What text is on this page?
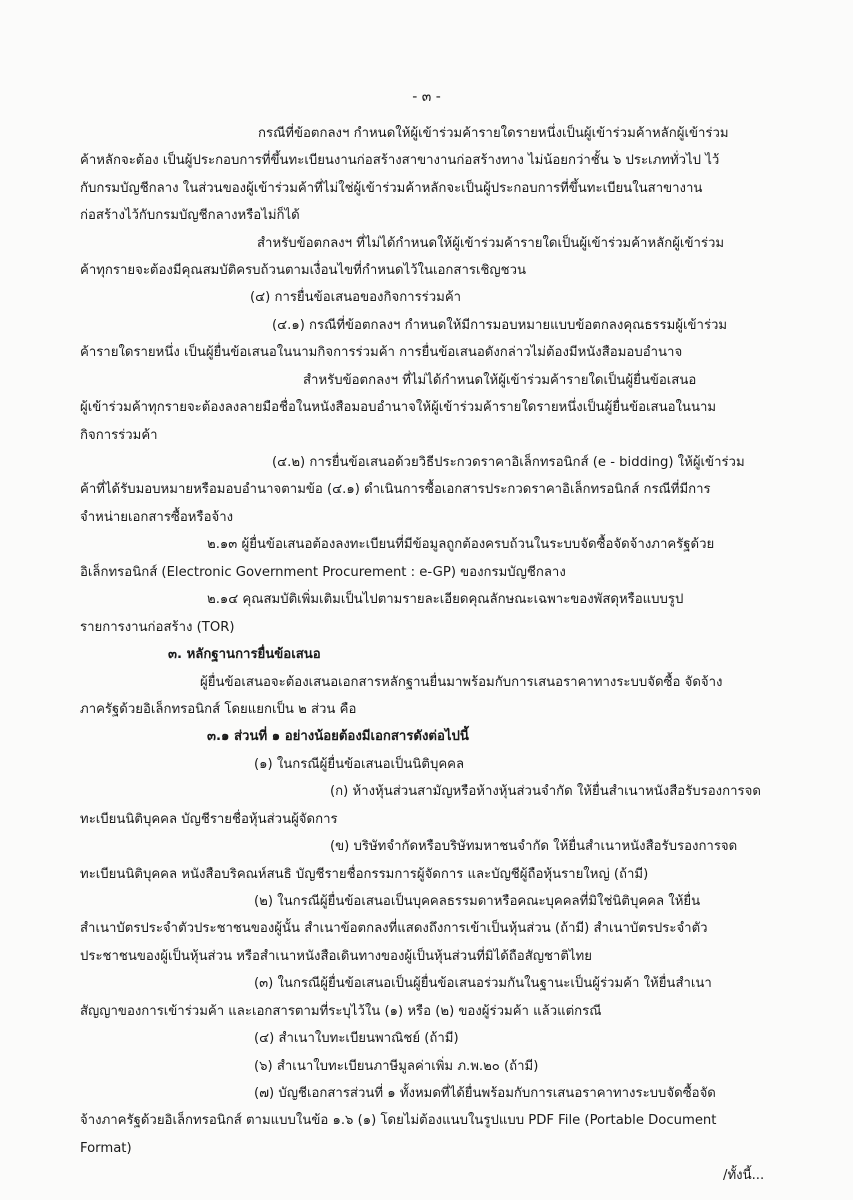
- ๓ -
กรณีที่ข้อตกลงฯ กำหนดให้ผู้เข้าร่วมค้ารายใดรายหนึ่งเป็นผู้เข้าร่วมค้าหลักผู้เข้าร่วม
ค้าหลักจะต้อง เป็นผู้ประกอบการที่ขึ้นทะเบียนงานก่อสร้างสาขางานก่อสร้างทาง ไม่น้อยกว่าชั้น ๖ ประเภททั่วไป ไว้
กับกรมบัญชีกลาง ในส่วนของผู้เข้าร่วมค้าที่ไม่ใช่ผู้เข้าร่วมค้าหลักจะเป็นผู้ประกอบการที่ขึ้นทะเบียนในสาขางาน
ก่อสร้างไว้กับกรมบัญชีกลางหรือไม่ก็ได้
สำหรับข้อตกลงฯ ที่ไม่ได้กำหนดให้ผู้เข้าร่วมค้ารายใดเป็นผู้เข้าร่วมค้าหลักผู้เข้าร่วม
ค้าทุกรายจะต้องมีคุณสมบัติครบถ้วนตามเงื่อนไขที่กำหนดไว้ในเอกสารเชิญชวน
(๔) การยื่นข้อเสนอของกิจการร่วมค้า
(๔.๑) กรณีที่ข้อตกลงฯ กำหนดให้มีการมอบหมายแบบข้อตกลงคุณธรรมผู้เข้าร่วม
ค้ารายใดรายหนึ่ง เป็นผู้ยื่นข้อเสนอในนามกิจการร่วมค้า การยื่นข้อเสนอดังกล่าวไม่ต้องมีหนังสือมอบอำนาจ
สำหรับข้อตกลงฯ ที่ไม่ได้กำหนดให้ผู้เข้าร่วมค้ารายใดเป็นผู้ยื่นข้อเสนอ
ผู้เข้าร่วมค้าทุกรายจะต้องลงลายมือชื่อในหนังสือมอบอำนาจให้ผู้เข้าร่วมค้ารายใดรายหนึ่งเป็นผู้ยื่นข้อเสนอในนาม
กิจการร่วมค้า
(๔.๒) การยื่นข้อเสนอด้วยวิธีประกวดราคาอิเล็กทรอนิกส์ (e - bidding) ให้ผู้เข้าร่วม
ค้าที่ได้รับมอบหมายหรือมอบอำนาจตามข้อ (๔.๑) ดำเนินการซื้อเอกสารประกวดราคาอิเล็กทรอนิกส์ กรณีที่มีการ
จำหน่ายเอกสารซื้อหรือจ้าง
๒.๑๓ ผู้ยื่นข้อเสนอต้องลงทะเบียนที่มีข้อมูลถูกต้องครบถ้วนในระบบจัดซื้อจัดจ้างภาครัฐด้วย
อิเล็กทรอนิกส์ (Electronic Government Procurement : e-GP) ของกรมบัญชีกลาง
๒.๑๔ คุณสมบัติเพิ่มเติมเป็นไปตามรายละเอียดคุณลักษณะเฉพาะของพัสดุหรือแบบรูป
รายการงานก่อสร้าง (TOR)
๓. หลักฐานการยื่นข้อเสนอ
ผู้ยื่นข้อเสนอจะต้องเสนอเอกสารหลักฐานยื่นมาพร้อมกับการเสนอราคาทางระบบจัดซื้อ จัดจ้าง
ภาครัฐด้วยอิเล็กทรอนิกส์ โดยแยกเป็น ๒ ส่วน คือ
๓.๑ ส่วนที่ ๑ อย่างน้อยต้องมีเอกสารดังต่อไปนี้
(๑) ในกรณีผู้ยื่นข้อเสนอเป็นนิติบุคคล
(ก) ห้างหุ้นส่วนสามัญหรือห้างหุ้นส่วนจำกัด ให้ยื่นสำเนาหนังสือรับรองการจด
ทะเบียนนิติบุคคล บัญชีรายชื่อหุ้นส่วนผู้จัดการ
(ข) บริษัทจำกัดหรือบริษัทมหาชนจำกัด ให้ยื่นสำเนาหนังสือรับรองการจด
ทะเบียนนิติบุคคล หนังสือบริคณห์สนธิ บัญชีรายชื่อกรรมการผู้จัดการ และบัญชีผู้ถือหุ้นรายใหญ่ (ถ้ามี)
(๒) ในกรณีผู้ยื่นข้อเสนอเป็นบุคคลธรรมดาหรือคณะบุคคลที่มิใช่นิติบุคคล ให้ยื่น
สำเนาบัตรประจำตัวประชาชนของผู้นั้น สำเนาข้อตกลงที่แสดงถึงการเข้าเป็นหุ้นส่วน (ถ้ามี) สำเนาบัตรประจำตัว
ประชาชนของผู้เป็นหุ้นส่วน หรือสำเนาหนังสือเดินทางของผู้เป็นหุ้นส่วนที่มิได้ถือสัญชาติไทย
(๓) ในกรณีผู้ยื่นข้อเสนอเป็นผู้ยื่นข้อเสนอร่วมกันในฐานะเป็นผู้ร่วมค้า ให้ยื่นสำเนา
สัญญาของการเข้าร่วมค้า และเอกสารตามที่ระบุไว้ใน (๑) หรือ (๒) ของผู้ร่วมค้า แล้วแต่กรณี
(๔) สำเนาใบทะเบียนพาณิชย์ (ถ้ามี)
(๖) สำเนาใบทะเบียนภาษีมูลค่าเพิ่ม ภ.พ.๒๐ (ถ้ามี)
(๗) บัญชีเอกสารส่วนที่ ๑ ทั้งหมดที่ได้ยื่นพร้อมกับการเสนอราคาทางระบบจัดซื้อจัด
จ้างภาครัฐด้วยอิเล็กทรอนิกส์ ตามแบบในข้อ ๑.๖ (๑) โดยไม่ต้องแนบในรูปแบบ PDF File (Portable Document
Format)
/ทั้งนี้...
